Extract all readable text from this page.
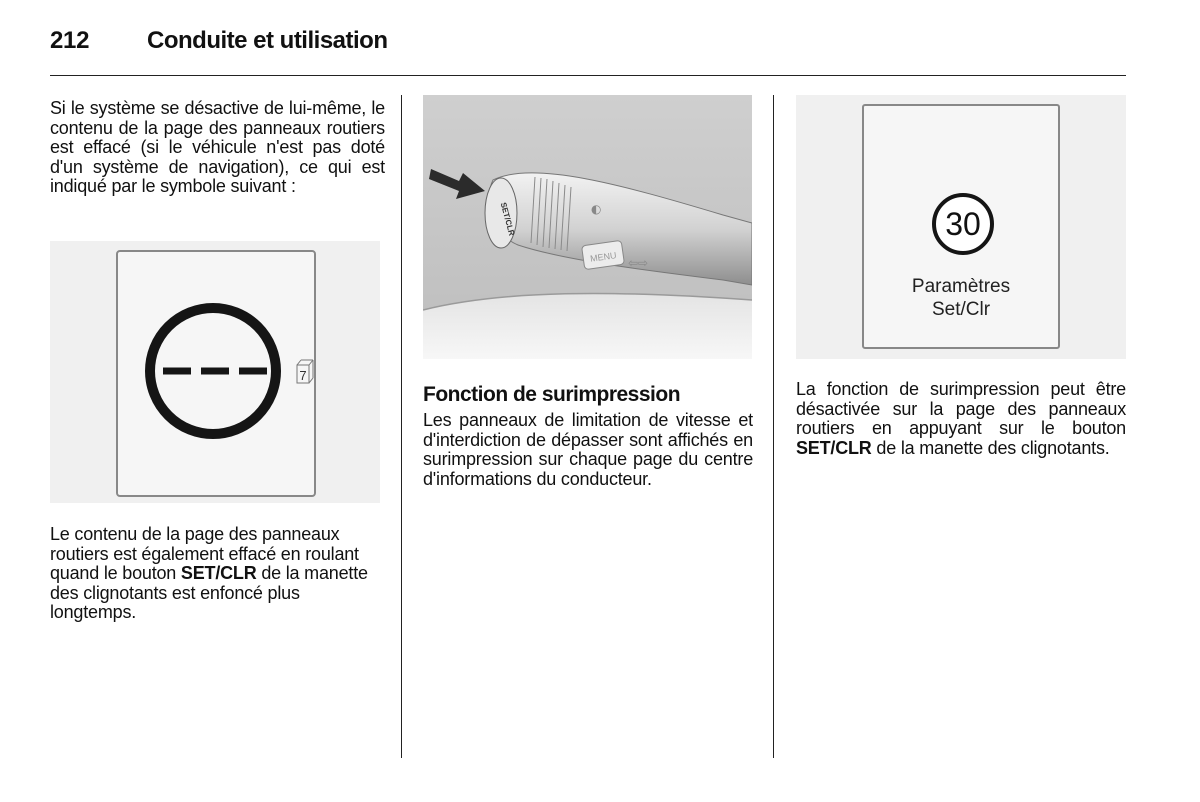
212 Conduite et utilisation

Si le système se désactive de lui-même, le contenu de la page des panneaux routiers est effacé (si le véhicule n'est pas doté d'un système de navigation), ce qui est indiqué par le symbole suivant :

7

Le contenu de la page des panneaux routiers est également effacé en roulant quand le bouton SET/CLR de la manette des clignotants est enfoncé plus longtemps.

MENU ⇦⇨
◐
SET/CLR
Fonction de surimpression

Les panneaux de limitation de vitesse et d'interdiction de dépasser sont affichés en surimpression sur chaque page du centre d'informations du conducteur.

30
Paramètres
Set/Clr

La fonction de surimpression peut être désactivée sur la page des panneaux routiers en appuyant sur le bouton SET/CLR de la manette des clignotants.
